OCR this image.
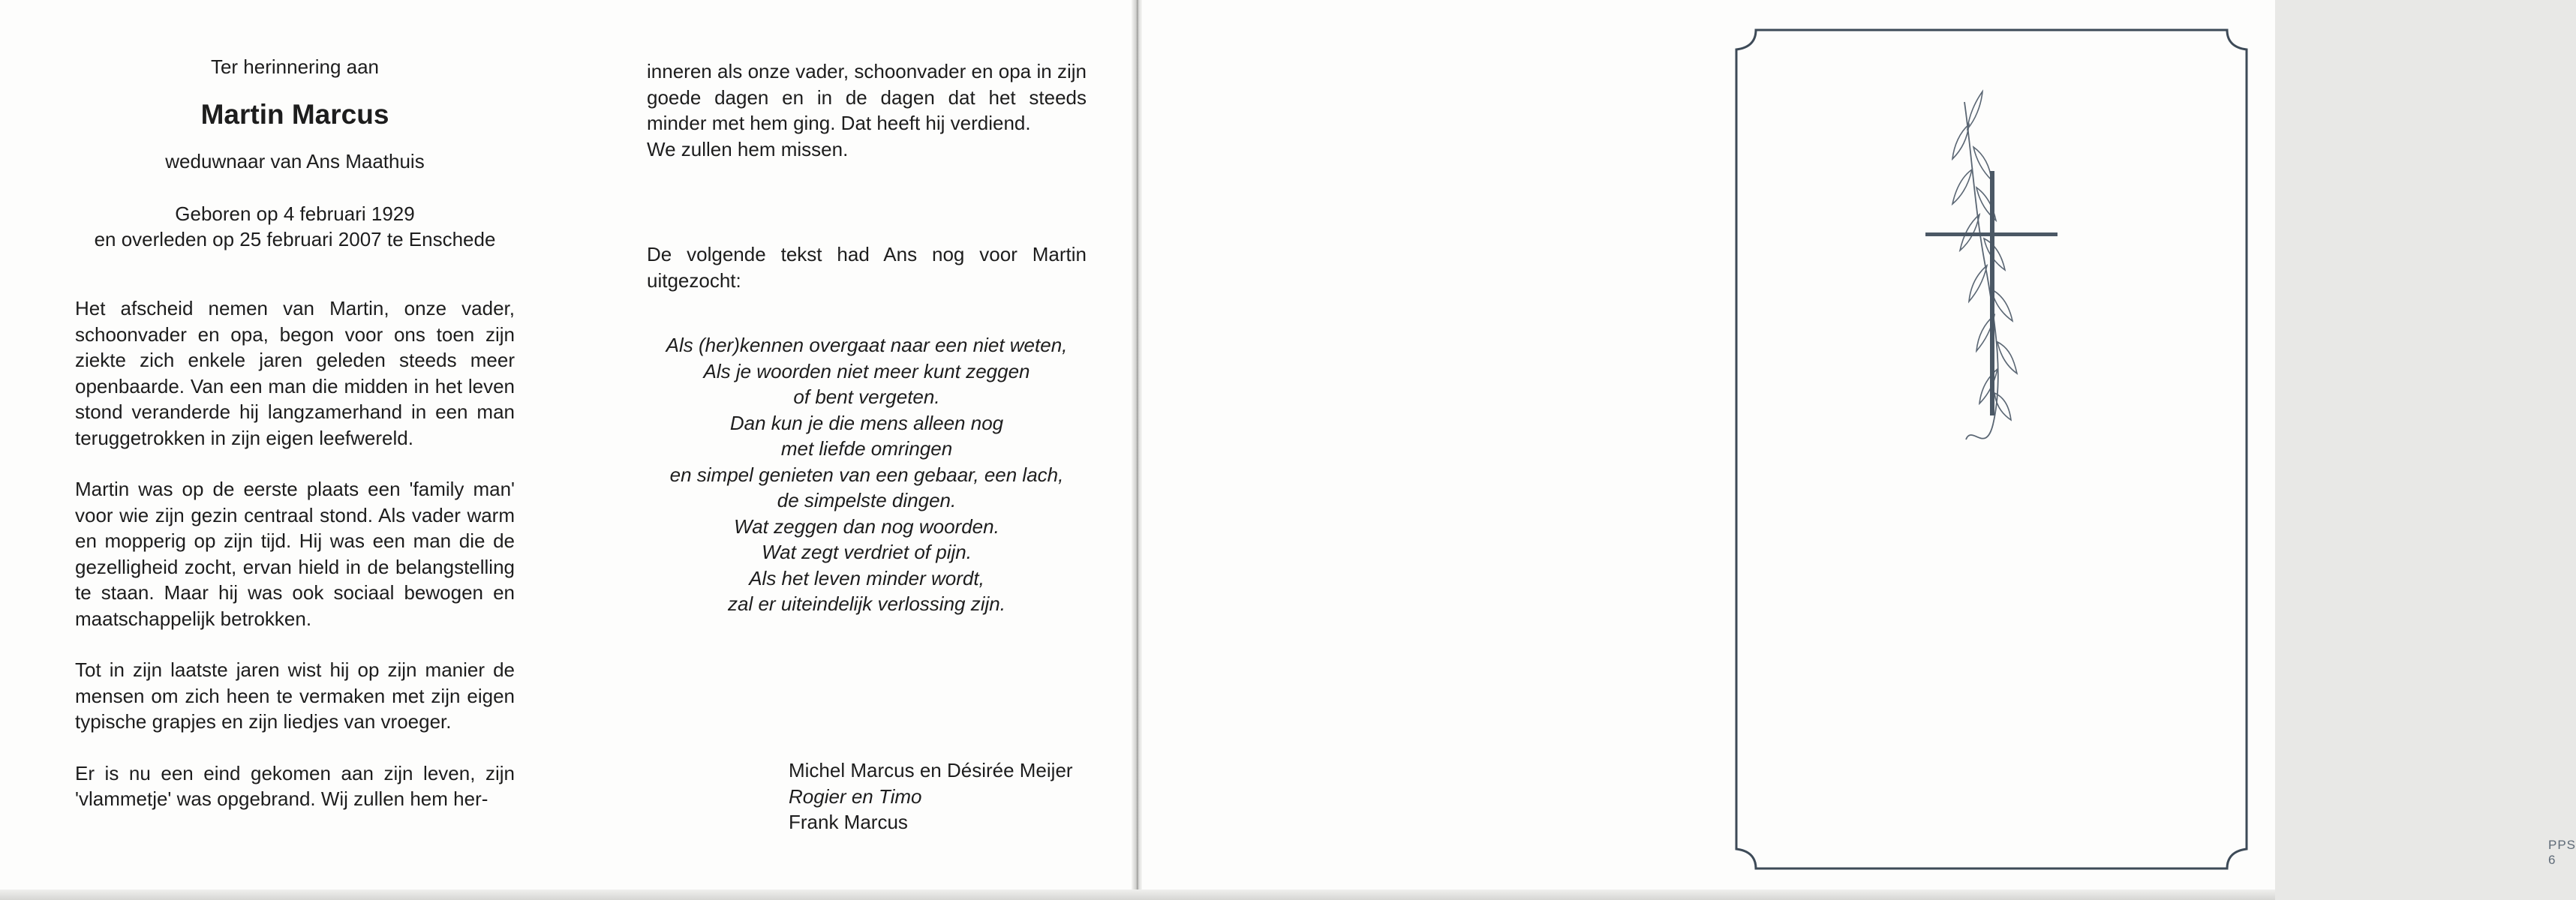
Ter herinnering aan

Martin Marcus

weduwnaar van Ans Maathuis

Geboren op 4 februari 1929
en overleden op 25 februari 2007 te Enschede

Het afscheid nemen van Martin, onze vader, schoonvader en opa, begon voor ons toen zijn ziekte zich enkele jaren geleden steeds meer openbaarde. Van een man die midden in het leven stond veranderde hij langzamerhand in een man teruggetrokken in zijn eigen leefwereld.

Martin was op de eerste plaats een 'family man' voor wie zijn gezin centraal stond. Als vader warm en mopperig op zijn tijd. Hij was een man die de gezelligheid zocht, ervan hield in de belangstelling te staan. Maar hij was ook sociaal bewogen en maatschappelijk betrokken.

Tot in zijn laatste jaren wist hij op zijn manier de mensen om zich heen te vermaken met zijn eigen typische grapjes en zijn liedjes van vroeger.

Er is nu een eind gekomen aan zijn leven, zijn 'vlammetje' was opgebrand. Wij zullen hem her-

inneren als onze vader, schoonvader en opa in zijn goede dagen en in de dagen dat het steeds minder met hem ging. Dat heeft hij verdiend.
We zullen hem missen.

De volgende tekst had Ans nog voor Martin uitgezocht:

Als (her)kennen overgaat naar een niet weten,
Als je woorden niet meer kunt zeggen
of bent vergeten.
Dan kun je die mens alleen nog
met liefde omringen
en simpel genieten van een gebaar, een lach,
de simpelste dingen.
Wat zeggen dan nog woorden.
Wat zegt verdriet of pijn.
Als het leven minder wordt,
zal er uiteindelijk verlossing zijn.
Michel Marcus en Désirée Meijer
Rogier en Timo
Frank Marcus
PPS 6
